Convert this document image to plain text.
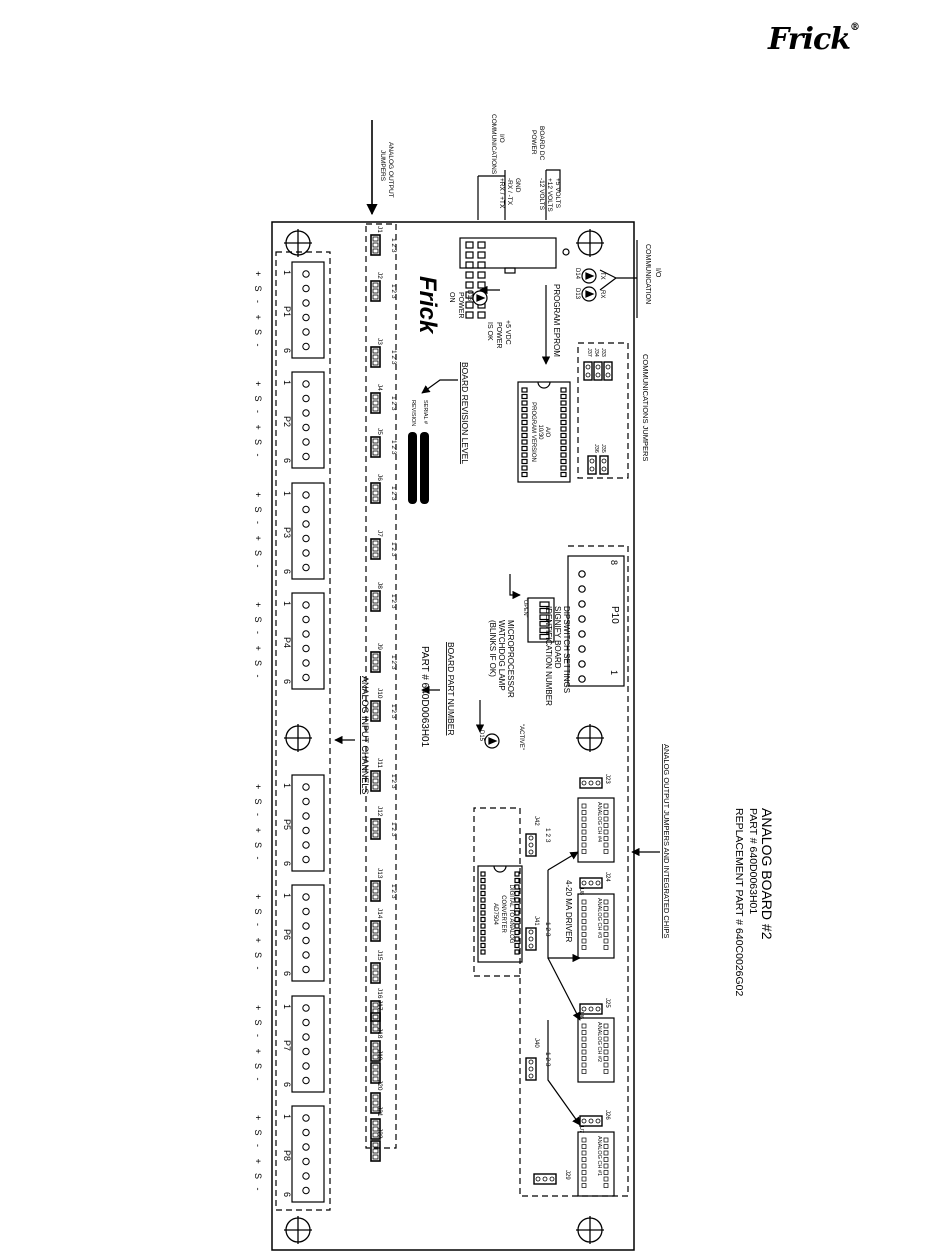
Frick®
+
S
-
+
S
-
1
P1
6
+
S
-
+
S
-
1
P2
6
+
S
-
+
S
-
1
P3
6
+
S
-
+
S
-
1
P4
6
+
S
-
+
S
-
1
P5
6
+
S
-
+
S
-
1
P6
6
+
S
-
+
S
-
1
P7
6
+
S
-
+
S
-
1
P8
6
J1
1 2 3
J2
1 2 3
J3
1 2 3
J4
1 2 3
J5
1 2 3
J6
1 2 3
J7
1 2 3
J8
1 2 3
J9
1 2 3
J10
1 2 3
J11
1 2 3
J12
1 2 3
J13
1 2 3
J14
J15
J16
J17
J18
J19
J20
J21
J22
J33
J34
J37
J35
J36
ANALOG CH #4
ANALOG CH #3
U8
ANALOG CH #2
U6
ANALOG CH #1
U7
J23
J24
J25
J26
J29
J40
1 2 3
J41
1 2 3
J42
1 2 3	ANALOG BOARD #2
PART # 640D0063H01
REPLACEMENT PART # 640C0026G02
ANALOG OUTPUT
JUMPERS
I/O
COMMUNICATIONS	BOARD DC
POWER
+5 VOLTS
+12 VOLTS
-12 VOLTS
GND
-RX / -TX
+RX / +TX
I/O
COMMUNICATION
TX
RX
D14
D13
D16
D15
PROGRAM EPROM
COMMUNICATIONS JUMPERS
+5 VDC
POWER
IS OK
POWER
ON
Frick
BOARD REVISION LEVEL
SERIAL #
REVISION
A/O
10/30
PROGRAM VERSION
DIPSWITCH SETTINGS
SIGNIFY BOARD
IDENTIFICATION NUMBER
MICROPROCESSOR
WATCHDOG LAMP
(BLINKS IF OK)
"ACTIVE"
"OPEN"	P10
8
1
BOARD PART NUMBER
PART # 640D0063H01
ANALOG INPUT CHANNELS
ANALOG OUTPUT JUMPERS AND INTEGRATED CHIPS
4-20 MA DRIVER
DIGITAL TO ANALOG
CONVERTER
AD7504
